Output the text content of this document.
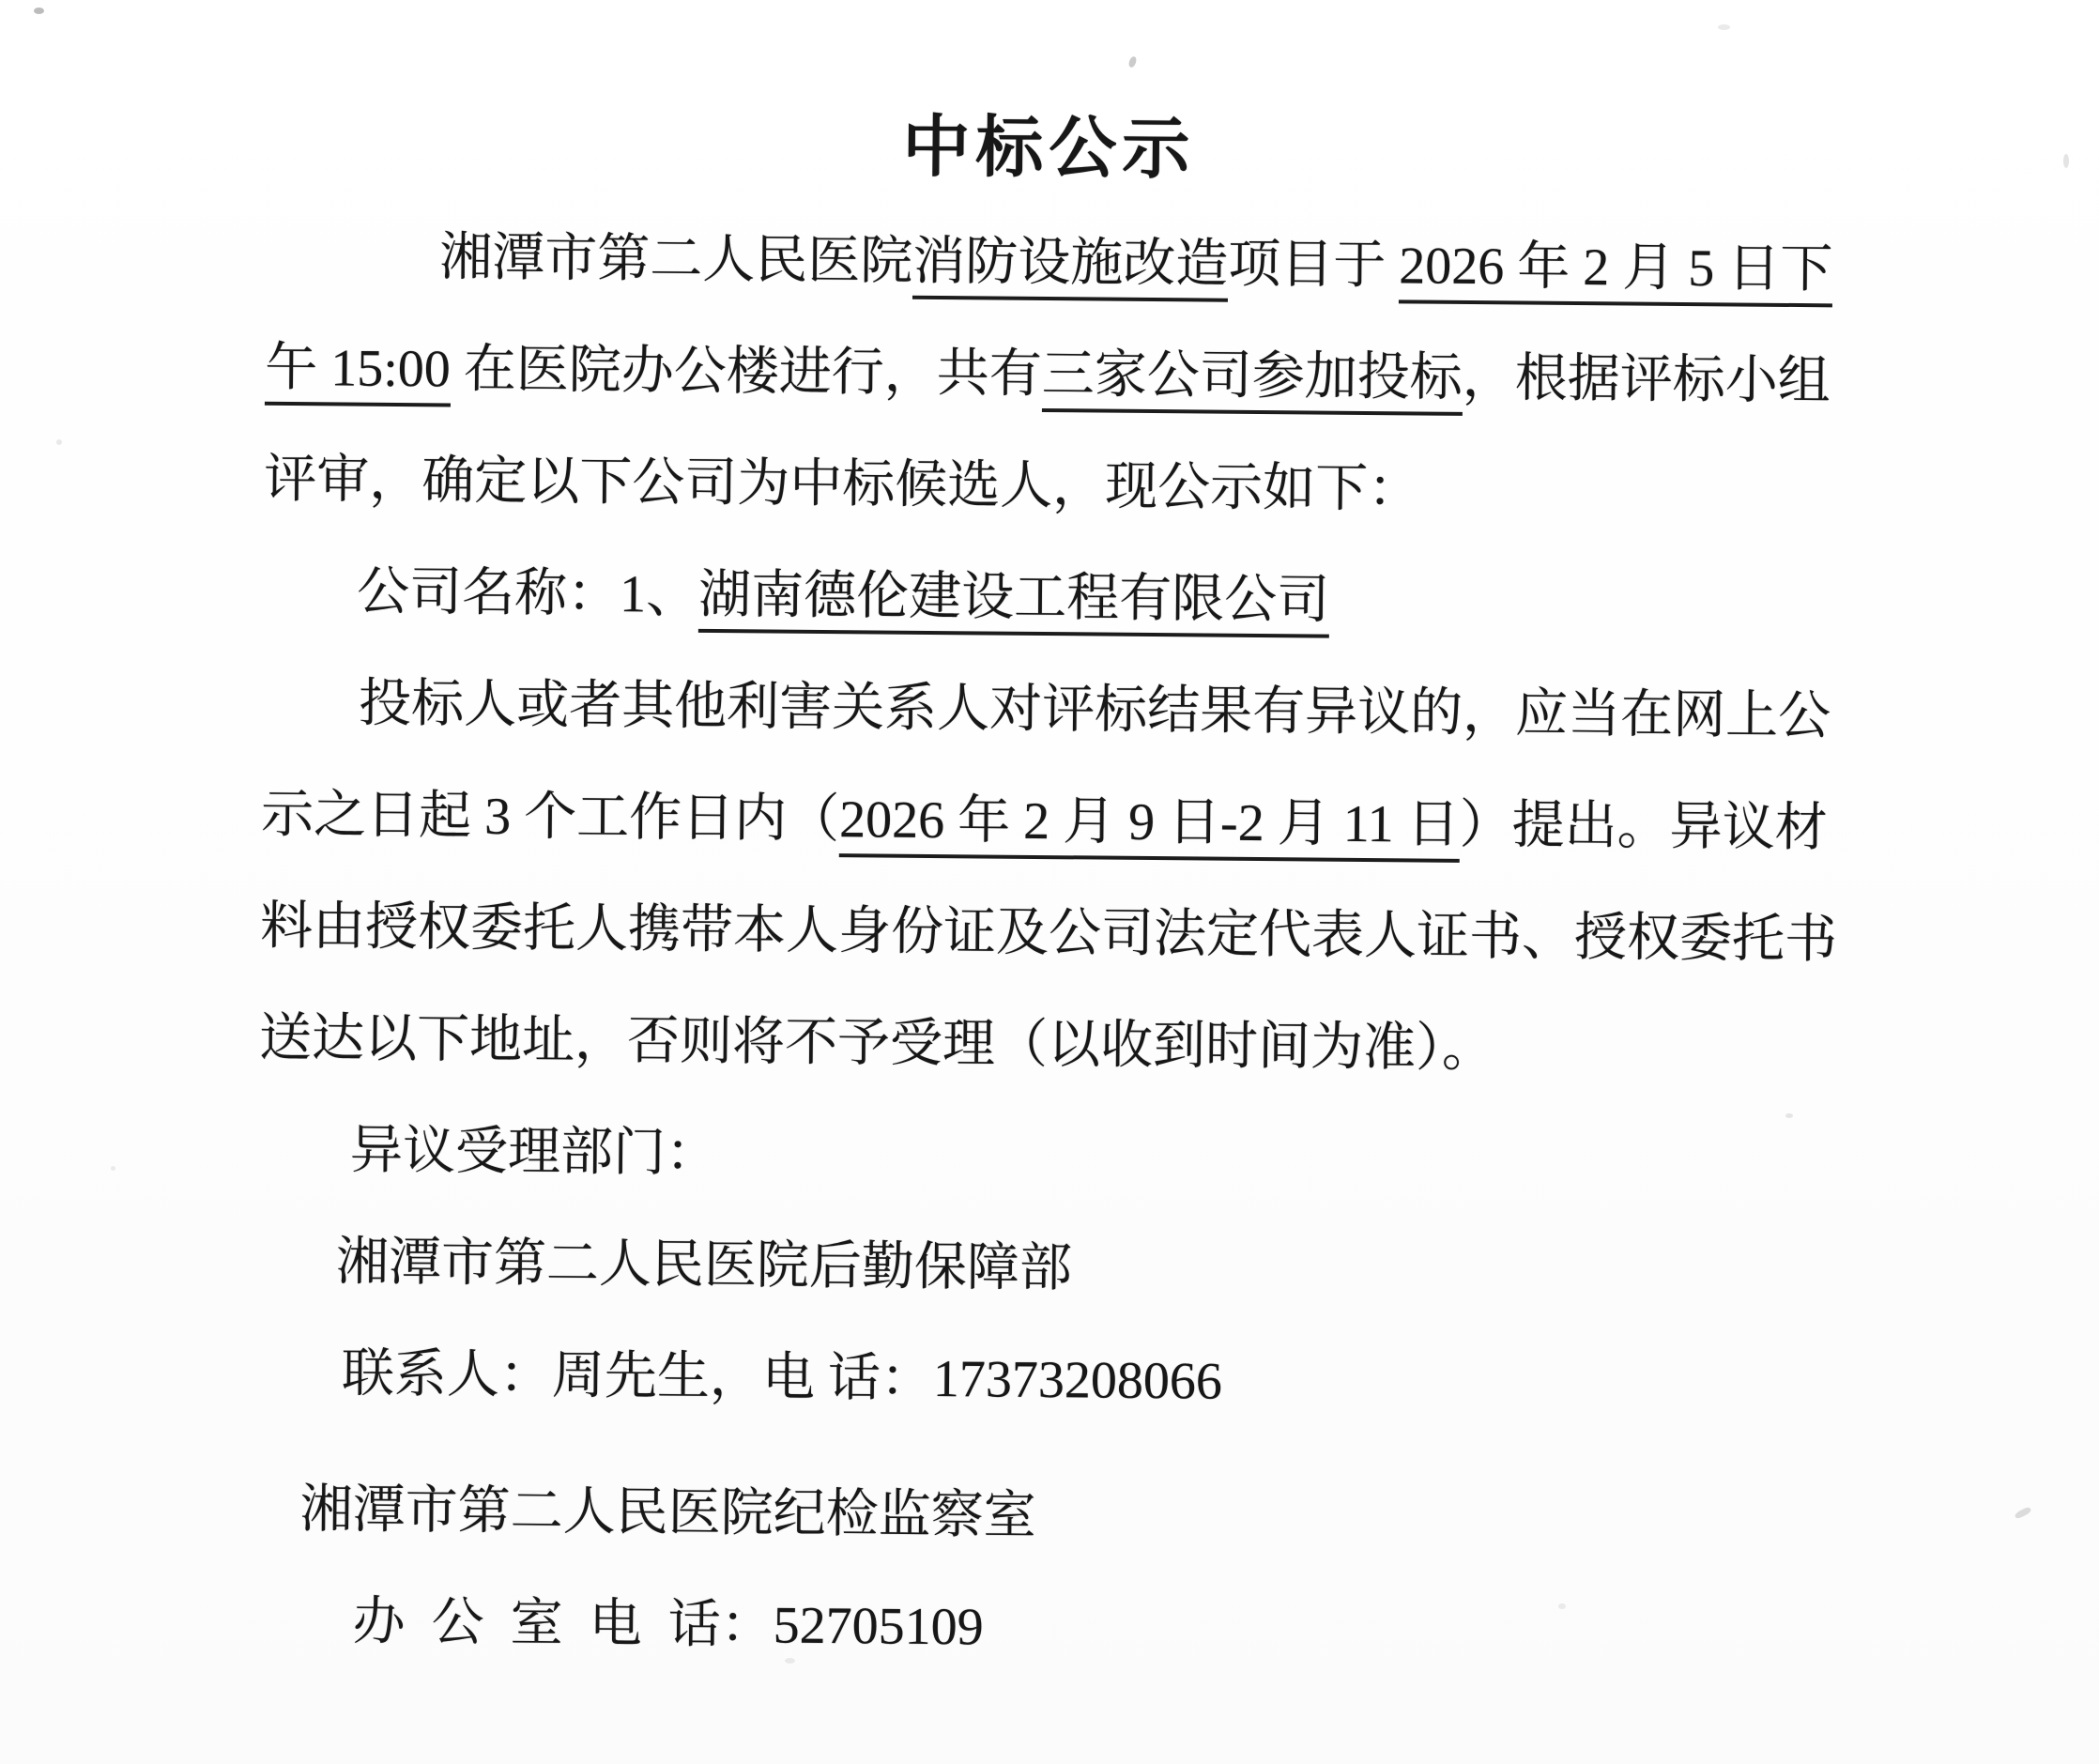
中标公示
湘潭市第二人民医院消防设施改造项目于 2026 年 2 月 5 日下
午 15:00 在医院办公楼进行，共有三家公司参加投标，根据评标小组
评审，确定以下公司为中标候选人，现公示如下：
公司名称：1、湖南德伦建设工程有限公司
投标人或者其他利害关系人对评标结果有异议的，应当在网上公
示之日起 3 个工作日内（2026 年 2 月 9 日-2 月 11 日）提出。异议材
料由授权委托人携带本人身份证及公司法定代表人证书、授权委托书
送达以下地址，否则将不予受理（以收到时间为准）。
异议受理部门：
湘潭市第二人民医院后勤保障部
联系人：周先生，电 话：17373208066
湘潭市第二人民医院纪检监察室
办  公  室  电  话：52705109
